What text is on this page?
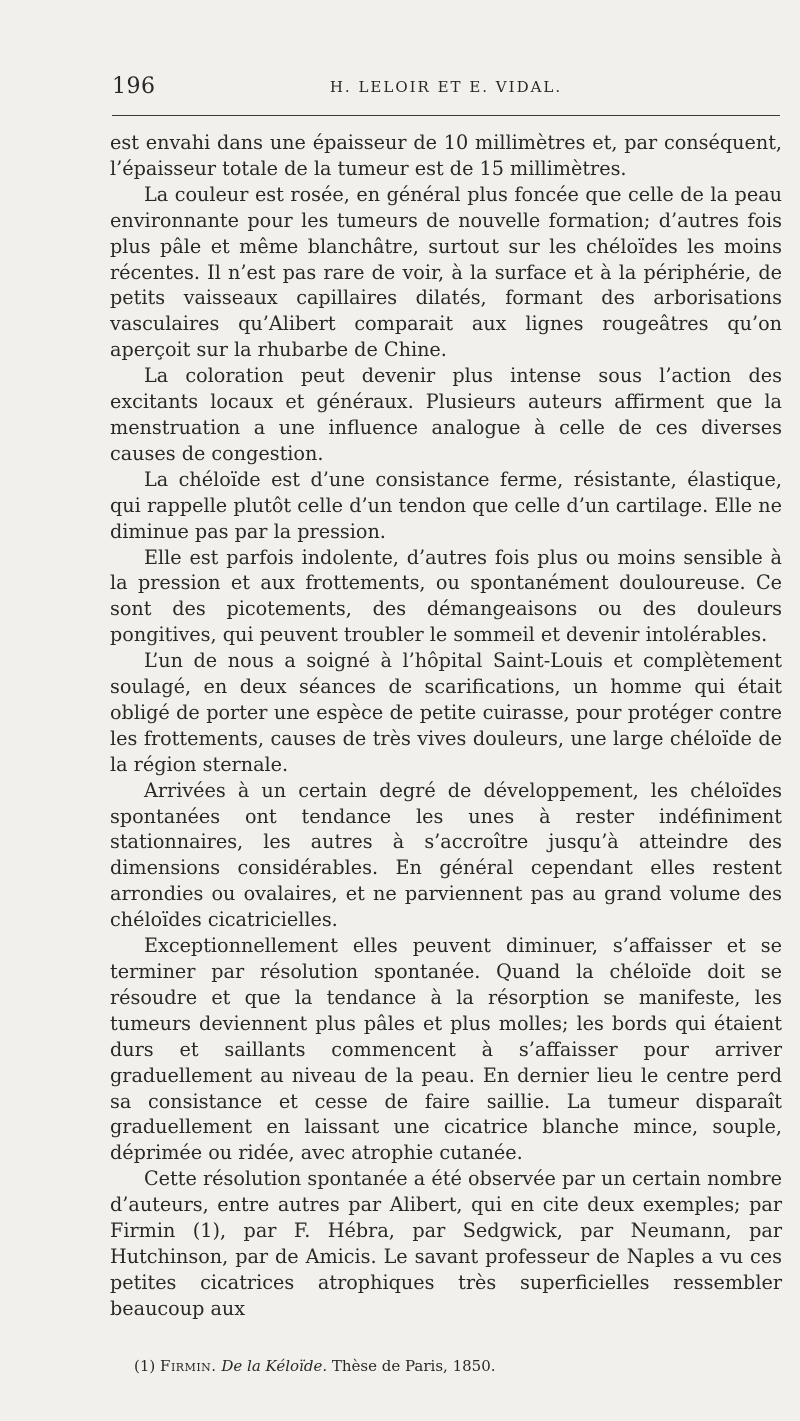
196	H. LELOIR ET E. VIDAL.

est envahi dans une épaisseur de 10 millimètres et, par conséquent, l’épaisseur totale de la tumeur est de 15 millimètres.

La couleur est rosée, en général plus foncée que celle de la peau environnante pour les tumeurs de nouvelle formation; d’autres fois plus pâle et même blanchâtre, surtout sur les chéloïdes les moins récentes. Il n’est pas rare de voir, à la surface et à la périphérie, de petits vaisseaux capillaires dilatés, formant des arborisations vasculaires qu’Alibert comparait aux lignes rougeâtres qu’on aperçoit sur la rhubarbe de Chine.

La coloration peut devenir plus intense sous l’action des excitants locaux et généraux. Plusieurs auteurs affirment que la menstruation a une influence analogue à celle de ces diverses causes de congestion.

La chéloïde est d’une consistance ferme, résistante, élastique, qui rappelle plutôt celle d’un tendon que celle d’un cartilage. Elle ne diminue pas par la pression.

Elle est parfois indolente, d’autres fois plus ou moins sensible à la pression et aux frottements, ou spontanément douloureuse. Ce sont des picotements, des démangeaisons ou des douleurs pongitives, qui peuvent troubler le sommeil et devenir intolérables.

L’un de nous a soigné à l’hôpital Saint-Louis et complètement soulagé, en deux séances de scarifications, un homme qui était obligé de porter une espèce de petite cuirasse, pour protéger contre les frottements, causes de très vives douleurs, une large chéloïde de la région sternale.

Arrivées à un certain degré de développement, les chéloïdes spontanées ont tendance les unes à rester indéfiniment stationnaires, les autres à s’accroître jusqu’à atteindre des dimensions considérables. En général cependant elles restent arrondies ou ovalaires, et ne parviennent pas au grand volume des chéloïdes cicatricielles.

Exceptionnellement elles peuvent diminuer, s’affaisser et se terminer par résolution spontanée. Quand la chéloïde doit se résoudre et que la tendance à la résorption se manifeste, les tumeurs deviennent plus pâles et plus molles; les bords qui étaient durs et saillants commencent à s’affaisser pour arriver graduellement au niveau de la peau. En dernier lieu le centre perd sa consistance et cesse de faire saillie. La tumeur disparaît graduellement en laissant une cicatrice blanche mince, souple, déprimée ou ridée, avec atrophie cutanée.

Cette résolution spontanée a été observée par un certain nombre d’auteurs, entre autres par Alibert, qui en cite deux exemples; par Firmin (1), par F. Hébra, par Sedgwick, par Neumann, par Hutchinson, par de Amicis. Le savant professeur de Naples a vu ces petites cicatrices atrophiques très superficielles ressembler beaucoup aux

(1) Firmin. De la Kéloïde. Thèse de Paris, 1850.
